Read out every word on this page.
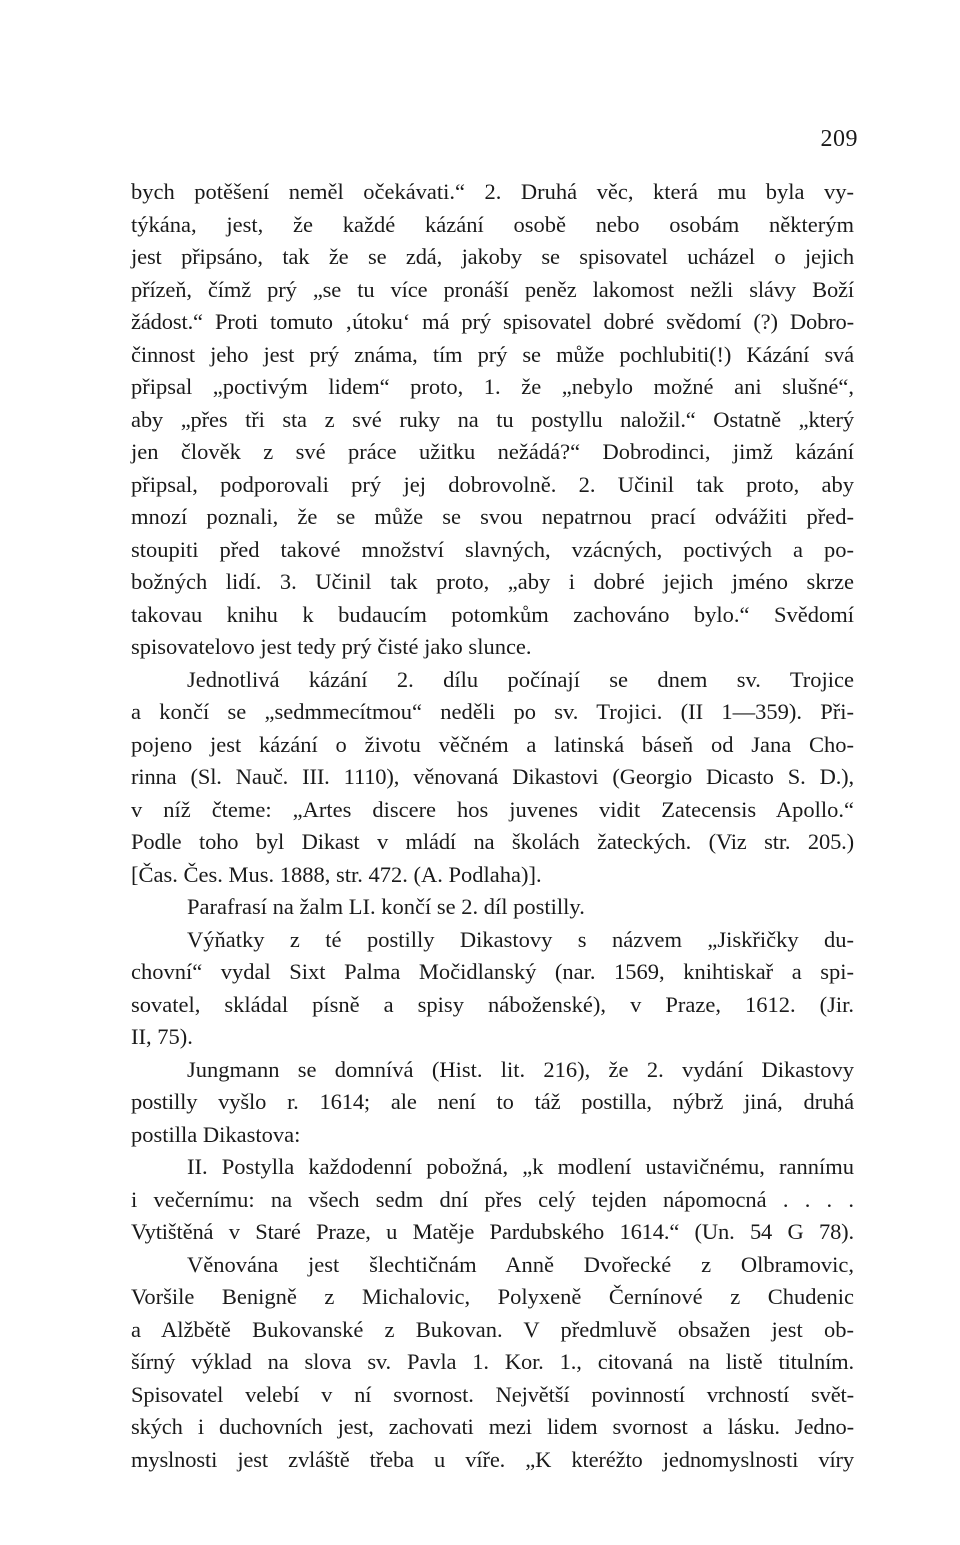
209
bych potěšení neměl očekávati.“ 2. Druhá věc, která mu byla vy-
týkána, jest, že každé kázání osobě nebo osobám některým
jest připsáno, tak že se zdá, jakoby se spisovatel ucházel o jejich
přízeň, čímž prý „se tu více pronáší peněz lakomost nežli slávy Boží
žádost.“ Proti tomuto ‚útoku‘ má prý spisovatel dobré svědomí (?) Dobro-
činnost jeho jest prý známa, tím prý se může pochlubiti(!) Kázání svá
připsal „poctivým lidem“ proto, 1. že „nebylo možné ani slušné“,
aby „přes tři sta z své ruky na tu postyllu naložil.“ Ostatně „který
jen člověk z své práce užitku nežádá?“ Dobrodinci, jimž kázání
připsal, podporovali prý jej dobrovolně. 2. Učinil tak proto, aby
mnozí poznali, že se může se svou nepatrnou prací odvážiti před-
stoupiti před takové množství slavných, vzácných, poctivých a po-
božných lidí. 3. Učinil tak proto, „aby i dobré jejich jméno skrze
takovau knihu k budaucím potomkům zachováno bylo.“ Svědomí
spisovatelovo jest tedy prý čisté jako slunce.
Jednotlivá kázání 2. dílu počínají se dnem sv. Trojice
a končí se „sedmmecítmou“ neděli po sv. Trojici. (II 1—359). Při-
pojeno jest kázání o životu věčném a latinská báseň od Jana Cho-
rinna (Sl. Nauč. III. 1110), věnovaná Dikastovi (Georgio Dicasto S. D.),
v níž čteme: „Artes discere hos juvenes vidit Zatecensis Apollo.“
Podle toho byl Dikast v mládí na školách žateckých. (Viz str. 205.)
[Čas. Čes. Mus. 1888, str. 472. (A. Podlaha)].
Parafrasí na žalm LI. končí se 2. díl postilly.
Výňatky z té postilly Dikastovy s názvem „Jiskřičky du-
chovní“ vydal Sixt Palma Močidlanský (nar. 1569, knihtiskař a spi-
sovatel, skládal písně a spisy náboženské), v Praze, 1612. (Jir.
II, 75).
Jungmann se domnívá (Hist. lit. 216), že 2. vydání Dikastovy
postilly vyšlo r. 1614; ale není to táž postilla, nýbrž jiná, druhá
postilla Dikastova:
II. Postylla každodenní pobožná, „k modlení ustavičnému, rannímu
i večernímu: na všech sedm dní přes celý tejden nápomocná . . . .
Vytištěná v Staré Praze, u Matěje Pardubského 1614.“ (Un. 54 G 78).
Věnována jest šlechtičnám Anně Dvořecké z Olbramovic,
Voršile Benigně z Michalovic, Polyxeně Černínové z Chudenic
a Alžbětě Bukovanské z Bukovan. V předmluvě obsažen jest ob-
šírný výklad na slova sv. Pavla 1. Kor. 1., citovaná na listě titulním.
Spisovatel velebí v ní svornost. Největší povinností vrchností svět-
ských i duchovních jest, zachovati mezi lidem svornost a lásku. Jedno-
myslnosti jest zvláště třeba u víře. „K kteréžto jednomyslnosti víry
